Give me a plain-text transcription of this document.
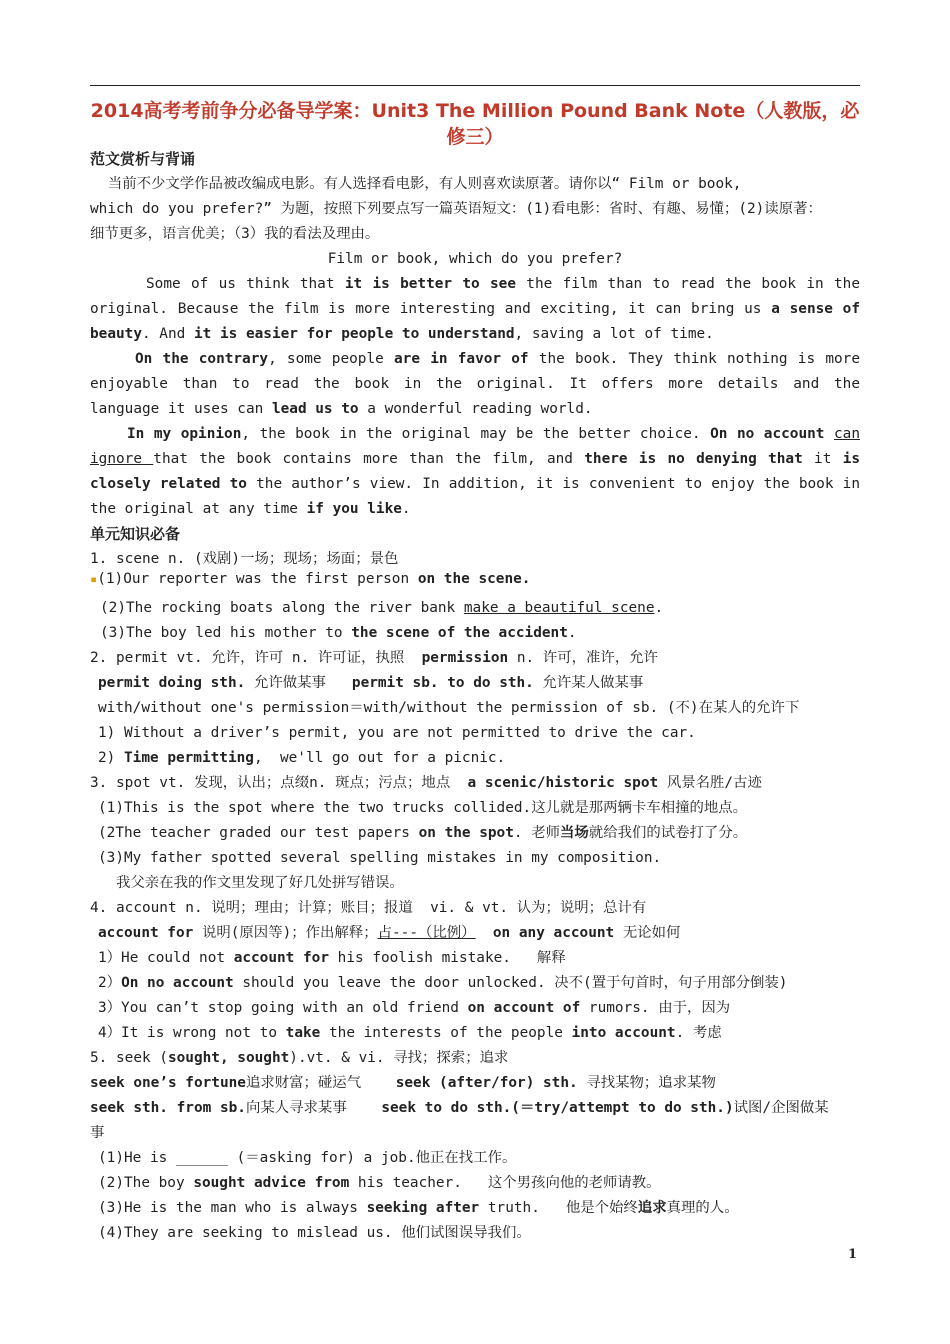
2014高考考前争分必备导学案：Unit3 The Million Pound Bank Note（人教版，必修三）
范文赏析与背诵
当前不少文学作品被改编成电影。有人选择看电影，有人则喜欢读原著。请你以“ Film or book,
which do you prefer?” 为题，按照下列要点写一篇英语短文：(1)看电影：省时、有趣、易懂；(2)读原著：
细节更多，语言优美；（3）我的看法及理由。
Film or book, which do you prefer?
Some of us think that it is better to see the film than to read the book in the
original. Because the film is more interesting and exciting, it can bring us a sense of
beauty. And it is easier for people to understand, saving a lot of time.
On the contrary, some people are in favor of the book. They think nothing is more
enjoyable than to read the book in the original. It offers more details and the
language it uses can lead us to a wonderful reading world.
In my opinion, the book in the original may be the better choice. On no account can
ignore that the book contains more than the film, and there is no denying that it is
closely related to the author’s view. In addition, it is convenient to enjoy the book in
the original at any time if you like.
单元知识必备
1. scene n. (戏剧)一场；现场；场面；景色
▪(1)Our reporter was the first person on the scene.
(2)The rocking boats along the river bank make a beautiful scene.
(3)The boy led his mother to the scene of the accident.
2. permit vt. 允许，许可 n. 许可证，执照  permission n. 许可，准许，允许
permit doing sth. 允许做某事   permit sb. to do sth. 允许某人做某事
with/without one's permission＝with/without the permission of sb. (不)在某人的允许下
1) Without a driver’s permit, you are not permitted to drive the car.
2) Time permitting,  we'll go out for a picnic.
3. spot vt. 发现，认出；点缀n. 斑点；污点；地点  a scenic/historic spot 风景名胜/古迹
(1)This is the spot where the two trucks collided.这儿就是那两辆卡车相撞的地点。
(2The teacher graded our test papers on the spot. 老师当场就给我们的试卷打了分。
(3)My father spotted several spelling mistakes in my composition.
我父亲在我的作文里发现了好几处拼写错误。
4. account n. 说明；理由；计算；账目；报道  vi. & vt. 认为；说明；总计有
account for 说明(原因等)；作出解释；占---（比例） on any account 无论如何
1）He could not account for his foolish mistake.   解释
2）On no account should you leave the door unlocked. 决不(置于句首时，句子用部分倒装)
3）You can’t stop going with an old friend on account of rumors. 由于，因为
4）It is wrong not to take the interests of the people into account. 考虑
5. seek (sought, sought).vt. & vi. 寻找；探索；追求
seek one’s fortune追求财富；碰运气    seek (after/for) sth. 寻找某物；追求某物
seek sth. from sb.向某人寻求某事    seek to do sth.(＝try/attempt to do sth.)试图/企图做某
事
(1)He is ______ (＝asking for) a job.他正在找工作。
(2)The boy sought advice from his teacher.   这个男孩向他的老师请教。
(3)He is the man who is always seeking after truth.   他是个始终追求真理的人。
(4)They are seeking to mislead us. 他们试图误导我们。
1
